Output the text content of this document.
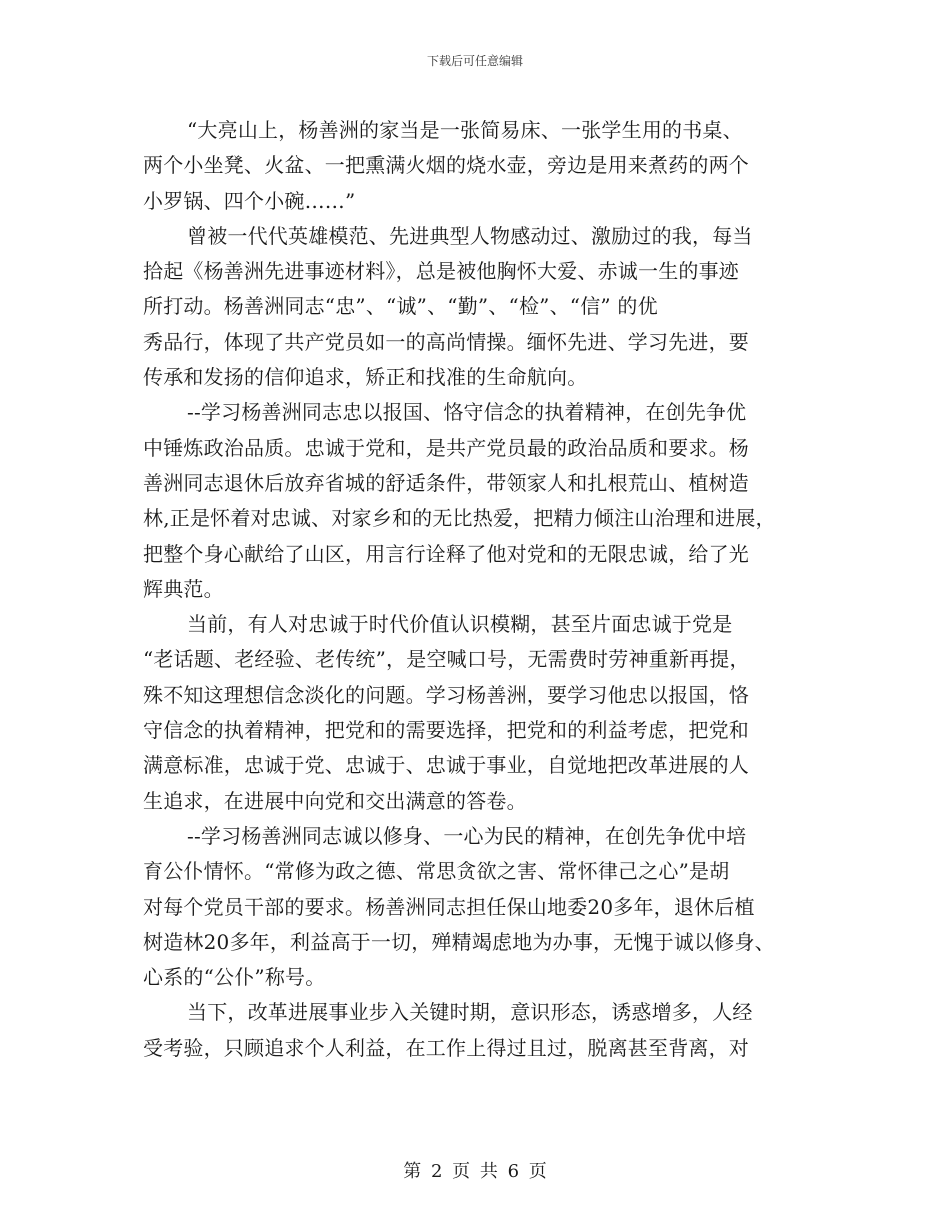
下载后可任意编辑
“大亮山上，杨善洲的家当是一张简易床、一张学生用的书桌、
两个小坐凳、火盆、一把熏满火烟的烧水壶，旁边是用来煮药的两个
小罗锅、四个小碗……”
曾被一代代英雄模范、先进典型人物感动过、激励过的我，每当
拾起《杨善洲先进事迹材料》，总是被他胸怀大爱、赤诚一生的事迹
所打动。杨善洲同志“忠”、“诚”、“勤”、“检”、“信” 的优
秀品行，体现了共产党员如一的高尚情操。缅怀先进、学习先进，要
传承和发扬的信仰追求，矫正和找准的生命航向。
--学习杨善洲同志忠以报国、恪守信念的执着精神，在创先争优
中锤炼政治品质。忠诚于党和，是共产党员最的政治品质和要求。杨
善洲同志退休后放弃省城的舒适条件，带领家人和扎根荒山、植树造
林,正是怀着对忠诚、对家乡和的无比热爱，把精力倾注山治理和进展，
把整个身心献给了山区，用言行诠释了他对党和的无限忠诚，给了光
辉典范。
当前，有人对忠诚于时代价值认识模糊，甚至片面忠诚于党是
“老话题、老经验、老传统”，是空喊口号，无需费时劳神重新再提，
殊不知这理想信念淡化的问题。学习杨善洲，要学习他忠以报国，恪
守信念的执着精神，把党和的需要选择，把党和的利益考虑，把党和
满意标准，忠诚于党、忠诚于、忠诚于事业，自觉地把改革进展的人
生追求，在进展中向党和交出满意的答卷。
--学习杨善洲同志诚以修身、一心为民的精神，在创先争优中培
育公仆情怀。“常修为政之德、常思贪欲之害、常怀律己之心”是胡
对每个党员干部的要求。杨善洲同志担任保山地委20多年，退休后植
树造林20多年，利益高于一切，殚精竭虑地为办事，无愧于诚以修身、
心系的“公仆”称号。
当下，改革进展事业步入关键时期，意识形态，诱惑增多，人经
受考验，只顾追求个人利益，在工作上得过且过，脱离甚至背离，对
第 2 页 共 6 页
